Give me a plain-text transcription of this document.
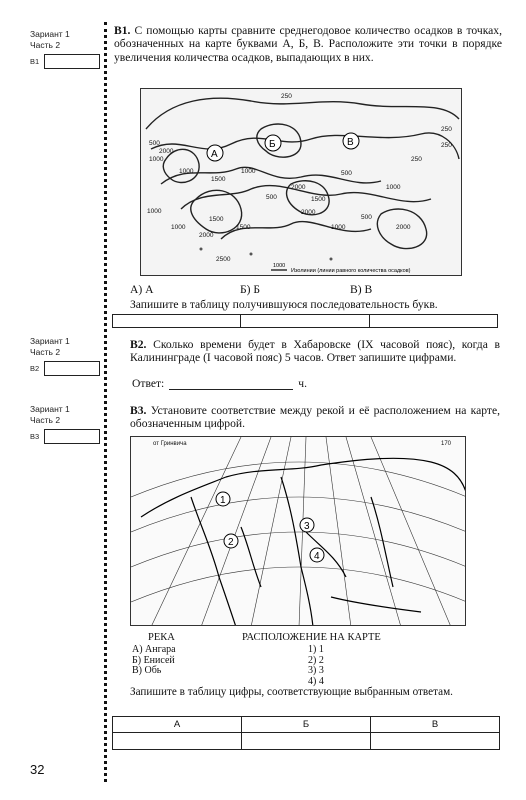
Зариант 1
Часть 2
В1
Зариант 1
Часть 2
В2
Зариант 1
Часть 2
В3
32
В1. С помощью карты сравните среднегодовое количество осадков в точках, обозначенных на карте буквами А, Б, В. Расположите эти точки в порядке увеличения количества осадков, выпадающих в них.
250
250
500
1000
1000
2000
1500
1000
2000
1500
500
1000
250
500
1000
2000
1500
2000
250
500
1000	1500
2000
1000
2500
А
Б	В
1000
Изолинии (линии равного количества осадков)
А) А	Б) Б	В) В
Запишите в таблицу получившуюся последовательность букв.
В2. Сколько времени будет в Хабаровске (IX часовой пояс), когда в Калининграде (I часовой пояс) 5 часов. Ответ запишите цифрами.
Ответ:	ч.
В3. Установите соответствие между рекой и её расположением на карте, обозначенным цифрой.
от Гринвича	170
1
2
3
4
РЕКА	РАСПОЛОЖЕНИЕ НА КАРТЕ
А) Ангара
Б) Енисей
В) Обь
1) 1
2) 2
3) 3
4) 4
Запишите в таблицу цифры, соответствующие выбранным ответам.
А	Б	В
